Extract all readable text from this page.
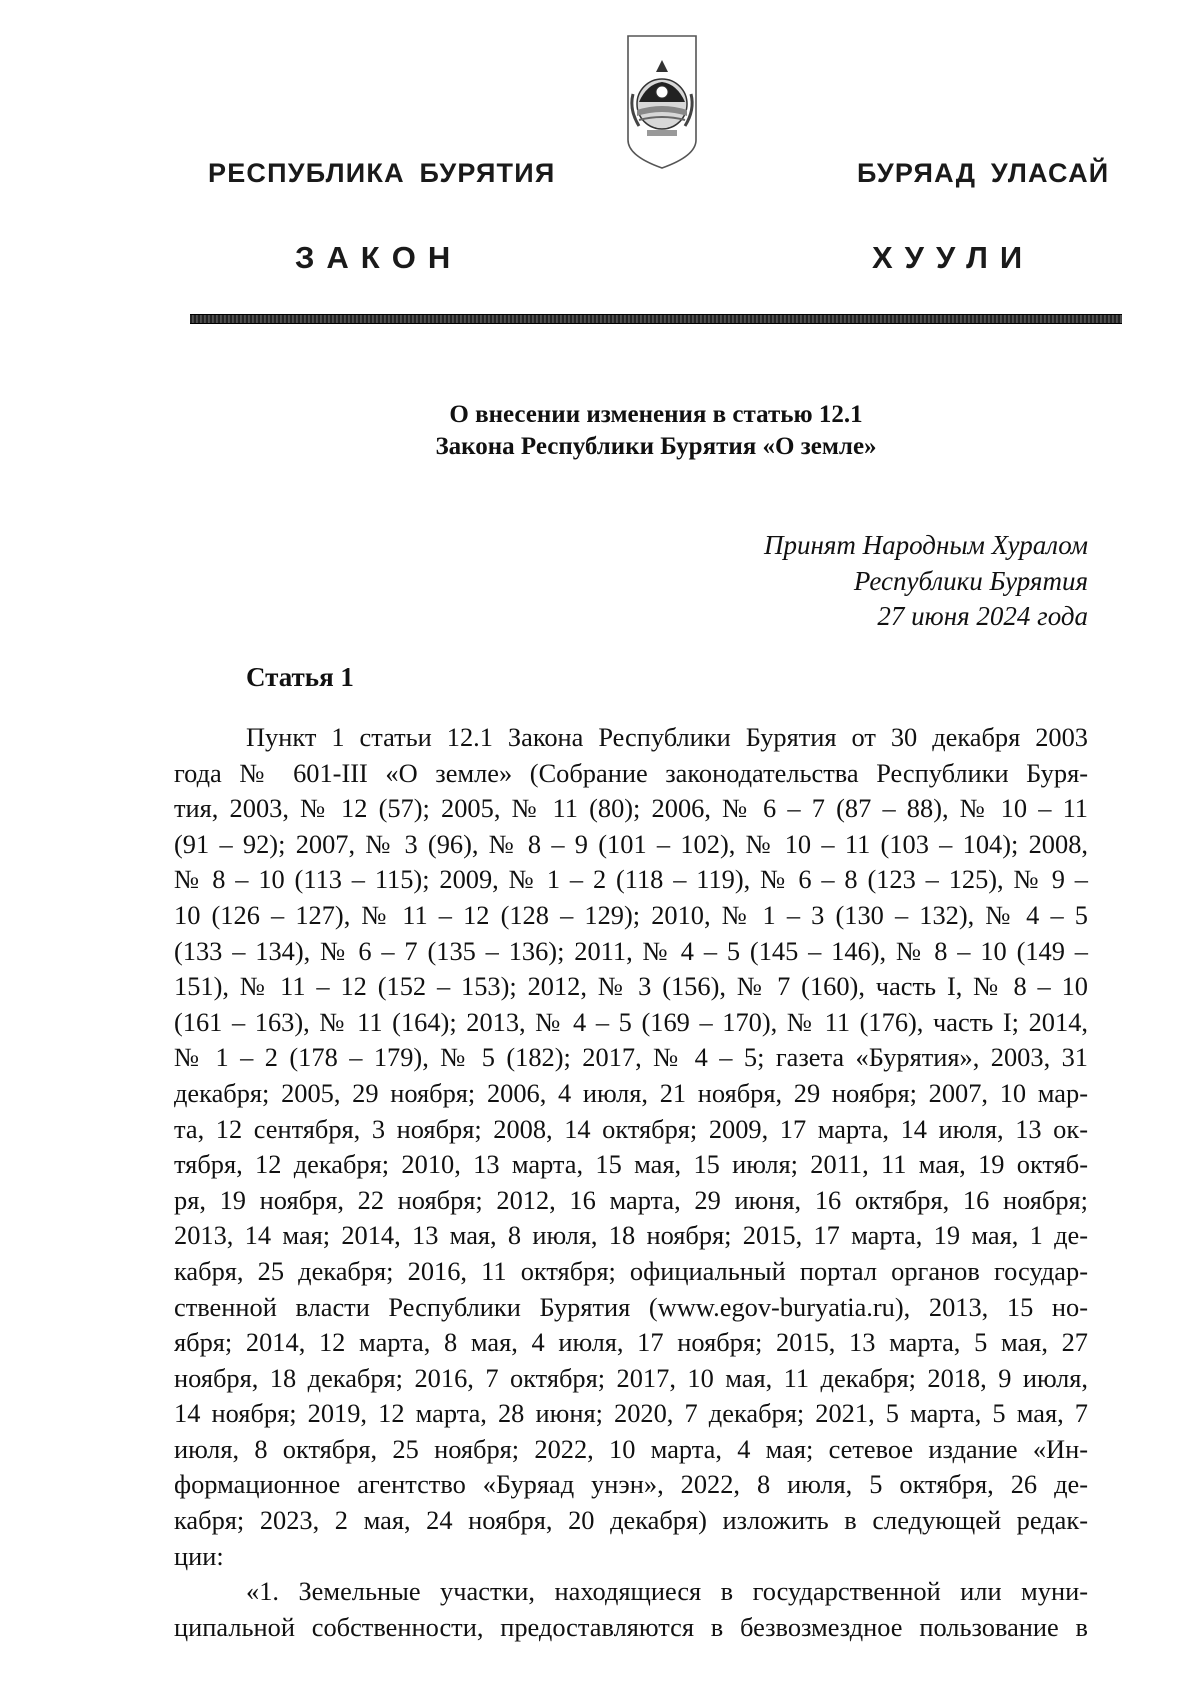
РЕСПУБЛИКА БУРЯТИЯ	БУРЯАД УЛАСАЙ
ЗАКОН	ХУУЛИ
О внесении изменения в статью 12.1
Закона Республики Бурятия «О земле»
Принят Народным Хуралом
Республики Бурятия
27 июня 2024 года
Статья 1
Пункт 1 статьи 12.1 Закона Республики Бурятия от 30 декабря 2003
года № 601-III «О земле» (Собрание законодательства Республики Буря-
тия, 2003, № 12 (57); 2005, № 11 (80); 2006, № 6 – 7 (87 – 88), № 10 – 11
(91 – 92); 2007, № 3 (96), № 8 – 9 (101 – 102), № 10 – 11 (103 – 104); 2008,
№ 8 – 10 (113 – 115); 2009, № 1 – 2 (118 – 119), № 6 – 8 (123 – 125), № 9 –
10 (126 – 127), № 11 – 12 (128 – 129); 2010, № 1 – 3 (130 – 132), № 4 – 5
(133 – 134), № 6 – 7 (135 – 136); 2011, № 4 – 5 (145 – 146), № 8 – 10 (149 –
151), № 11 – 12 (152 – 153); 2012, № 3 (156), № 7 (160), часть I, № 8 – 10
(161 – 163), № 11 (164); 2013, № 4 – 5 (169 – 170), № 11 (176), часть I; 2014,
№ 1 – 2 (178 – 179), № 5 (182); 2017, № 4 – 5; газета «Бурятия», 2003, 31
декабря; 2005, 29 ноября; 2006, 4 июля, 21 ноября, 29 ноября; 2007, 10 мар-
та, 12 сентября, 3 ноября; 2008, 14 октября; 2009, 17 марта, 14 июля, 13 ок-
тября, 12 декабря; 2010, 13 марта, 15 мая, 15 июля; 2011, 11 мая, 19 октяб-
ря, 19 ноября, 22 ноября; 2012, 16 марта, 29 июня, 16 октября, 16 ноября;
2013, 14 мая; 2014, 13 мая, 8 июля, 18 ноября; 2015, 17 марта, 19 мая, 1 де-
кабря, 25 декабря; 2016, 11 октября; официальный портал органов государ-
ственной власти Республики Бурятия (www.egov-buryatia.ru), 2013, 15 но-
ября; 2014, 12 марта, 8 мая, 4 июля, 17 ноября; 2015, 13 марта, 5 мая, 27
ноября, 18 декабря; 2016, 7 октября; 2017, 10 мая, 11 декабря; 2018, 9 июля,
14 ноября; 2019, 12 марта, 28 июня; 2020, 7 декабря; 2021, 5 марта, 5 мая, 7
июля, 8 октября, 25 ноября; 2022, 10 марта, 4 мая; сетевое издание «Ин-
формационное агентство «Буряад унэн», 2022, 8 июля, 5 октября, 26 де-
кабря; 2023, 2 мая, 24 ноября, 20 декабря) изложить в следующей редак-
ции:
«1. Земельные участки, находящиеся в государственной или муни-
ципальной собственности, предоставляются в безвозмездное пользование в
